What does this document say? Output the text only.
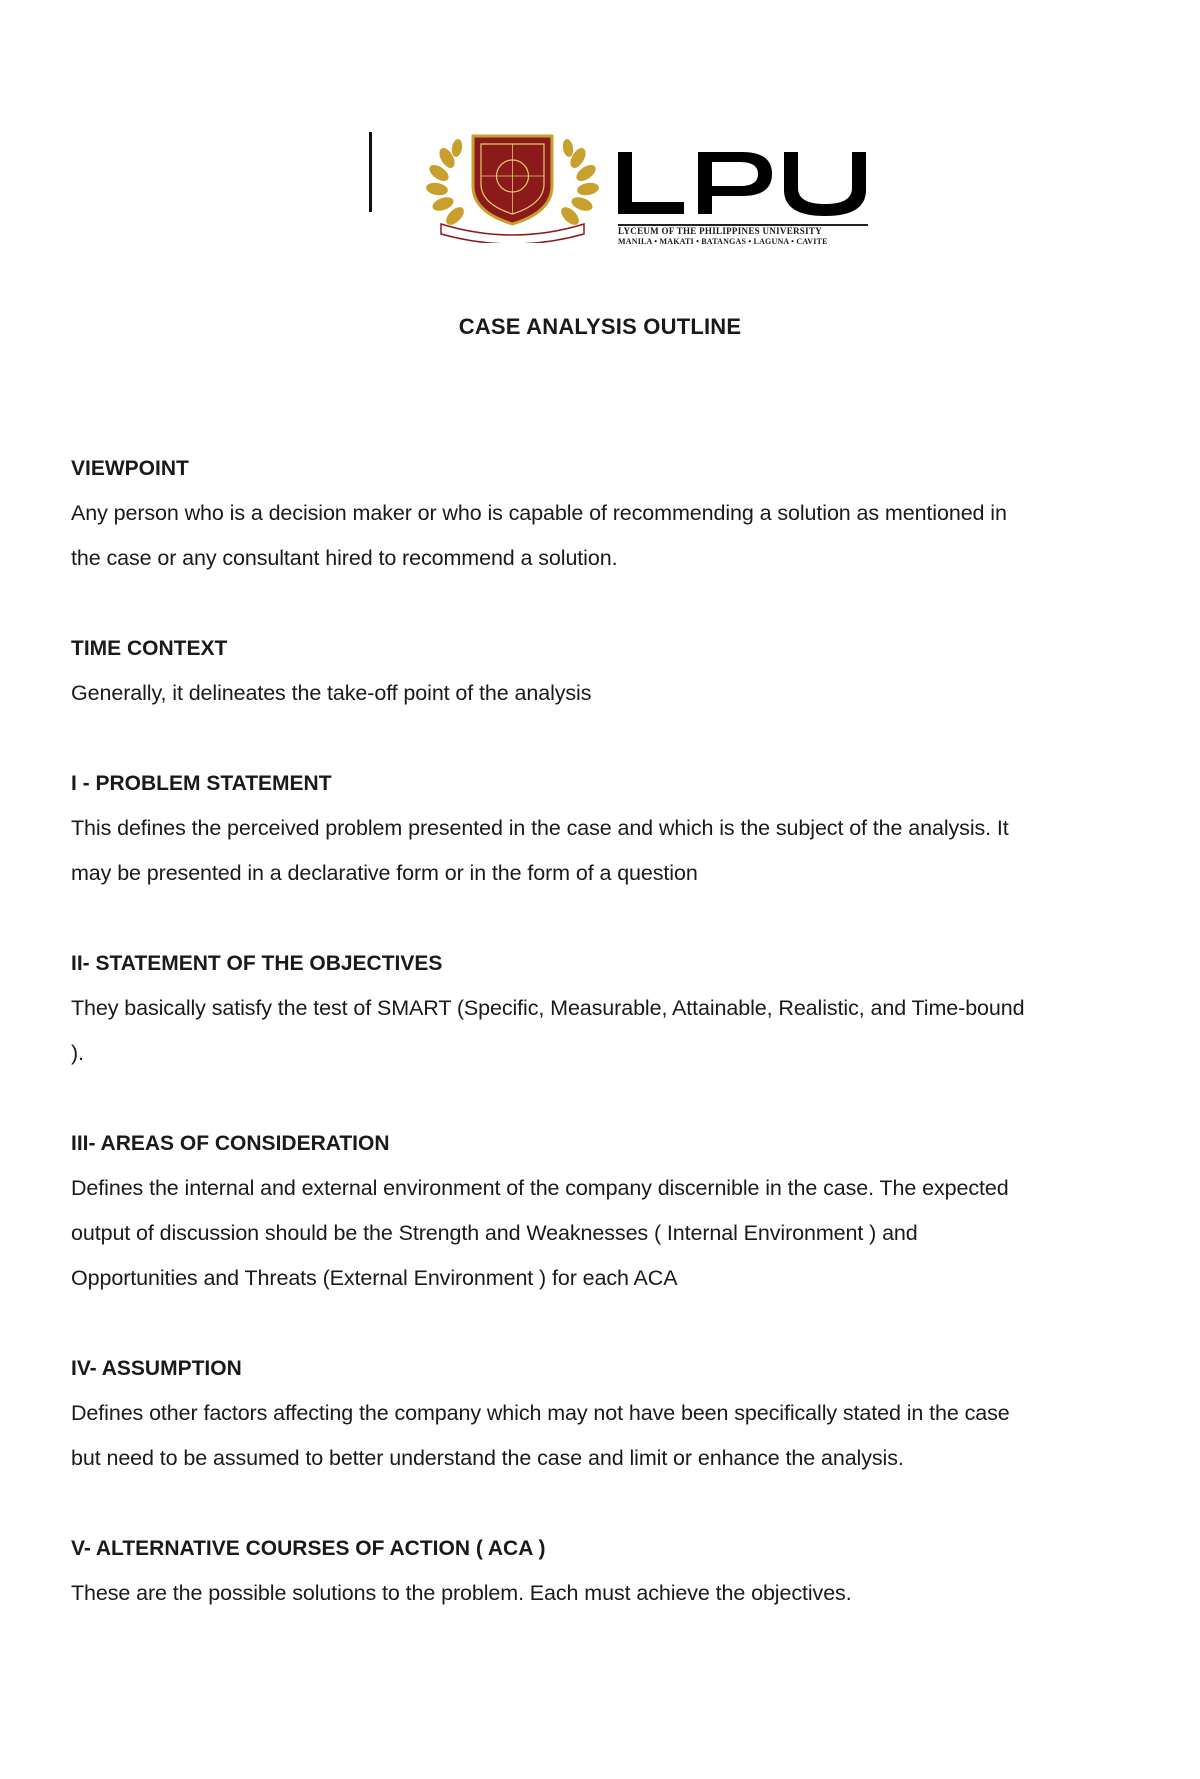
LYCEUM OF THE PHILIPPINES UNIVERSITY
MANILA • MAKATI • BATANGAS • LAGUNA • CAVITE
CASE ANALYSIS OUTLINE

VIEWPOINT

Any person who is a decision maker or who is capable of recommending a solution as mentioned in the case or any consultant hired to recommend a solution.

TIME CONTEXT

Generally, it delineates the take-off point of the analysis

I - PROBLEM STATEMENT

This defines the perceived problem presented in the case and which is the subject of the analysis. It may be presented in a declarative form or in the form of a question

II- STATEMENT OF THE OBJECTIVES

They basically satisfy the test of SMART (Specific, Measurable, Attainable, Realistic, and Time-bound ).

III- AREAS OF CONSIDERATION

Defines the internal and external environment of the company discernible in the case. The expected output of discussion should be the Strength and Weaknesses ( Internal Environment ) and Opportunities and Threats (External Environment ) for each ACA

IV- ASSUMPTION

Defines other factors affecting the company which may not have been specifically stated in the case but need to be assumed to better understand the case and limit or enhance the analysis.

V- ALTERNATIVE COURSES OF ACTION ( ACA )

These are the possible solutions to the problem. Each must achieve the objectives.
